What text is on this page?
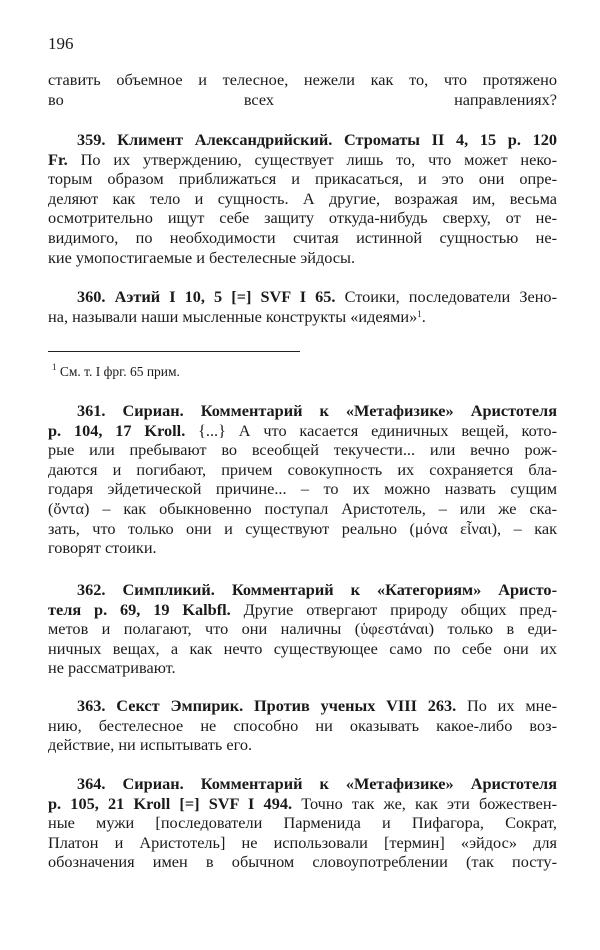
196
ставить объемное и телесное, нежели как то, что протяжено
во всех направлениях?
359. Климент Александрийский. Строматы II 4, 15 p. 120
Fr. По их утверждению, существует лишь то, что может неко-
торым образом приближаться и прикасаться, и это они опре-
деляют как тело и сущность. А другие, возражая им, весьма
осмотрительно ищут себе защиту откуда-нибудь сверху, от не-
видимого, по необходимости считая истинной сущностью не-
кие умопостигаемые и бестелесные эйдосы.
360. Аэтий I 10, 5 [=] SVF I 65. Стоики, последователи Зено-
на, называли наши мысленные конструкты «идеями»$^1$.
$^1$ См. т. I фрг. 65 прим.
361. Сириан. Комментарий к «Метафизике» Аристотеля
p. 104, 17 Kroll. {...} А что касается единичных вещей, кото-
рые или пребывают во всеобщей текучести... или вечно рож-
даются и погибают, причем совокупность их сохраняется бла-
годаря эйдетической причине... – то их можно назвать сущим
(ὄντα) – как обыкновенно поступал Аристотель, – или же ска-
зать, что только они и существуют реально (μόνα εἶναι), – как
говорят стоики.
362. Симпликий. Комментарий к «Категориям» Аристо-
теля p. 69, 19 Kalbfl. Другие отвергают природу общих пред-
метов и полагают, что они наличны (ὑφεστάναι) только в еди-
ничных вещах, а как нечто существующее само по себе они их
не рассматривают.
363. Секст Эмпирик. Против ученых VIII 263. По их мне-
нию, бестелесное не способно ни оказывать какое-либо воз-
действие, ни испытывать его.
364. Сириан. Комментарий к «Метафизике» Аристотеля
p. 105, 21 Kroll [=] SVF I 494. Точно так же, как эти божествен-
ные мужи [последователи Парменида и Пифагора, Сократ,
Платон и Аристотель] не использовали [термин] «эйдос» для
обозначения имен в обычном словоупотреблении (так посту-
